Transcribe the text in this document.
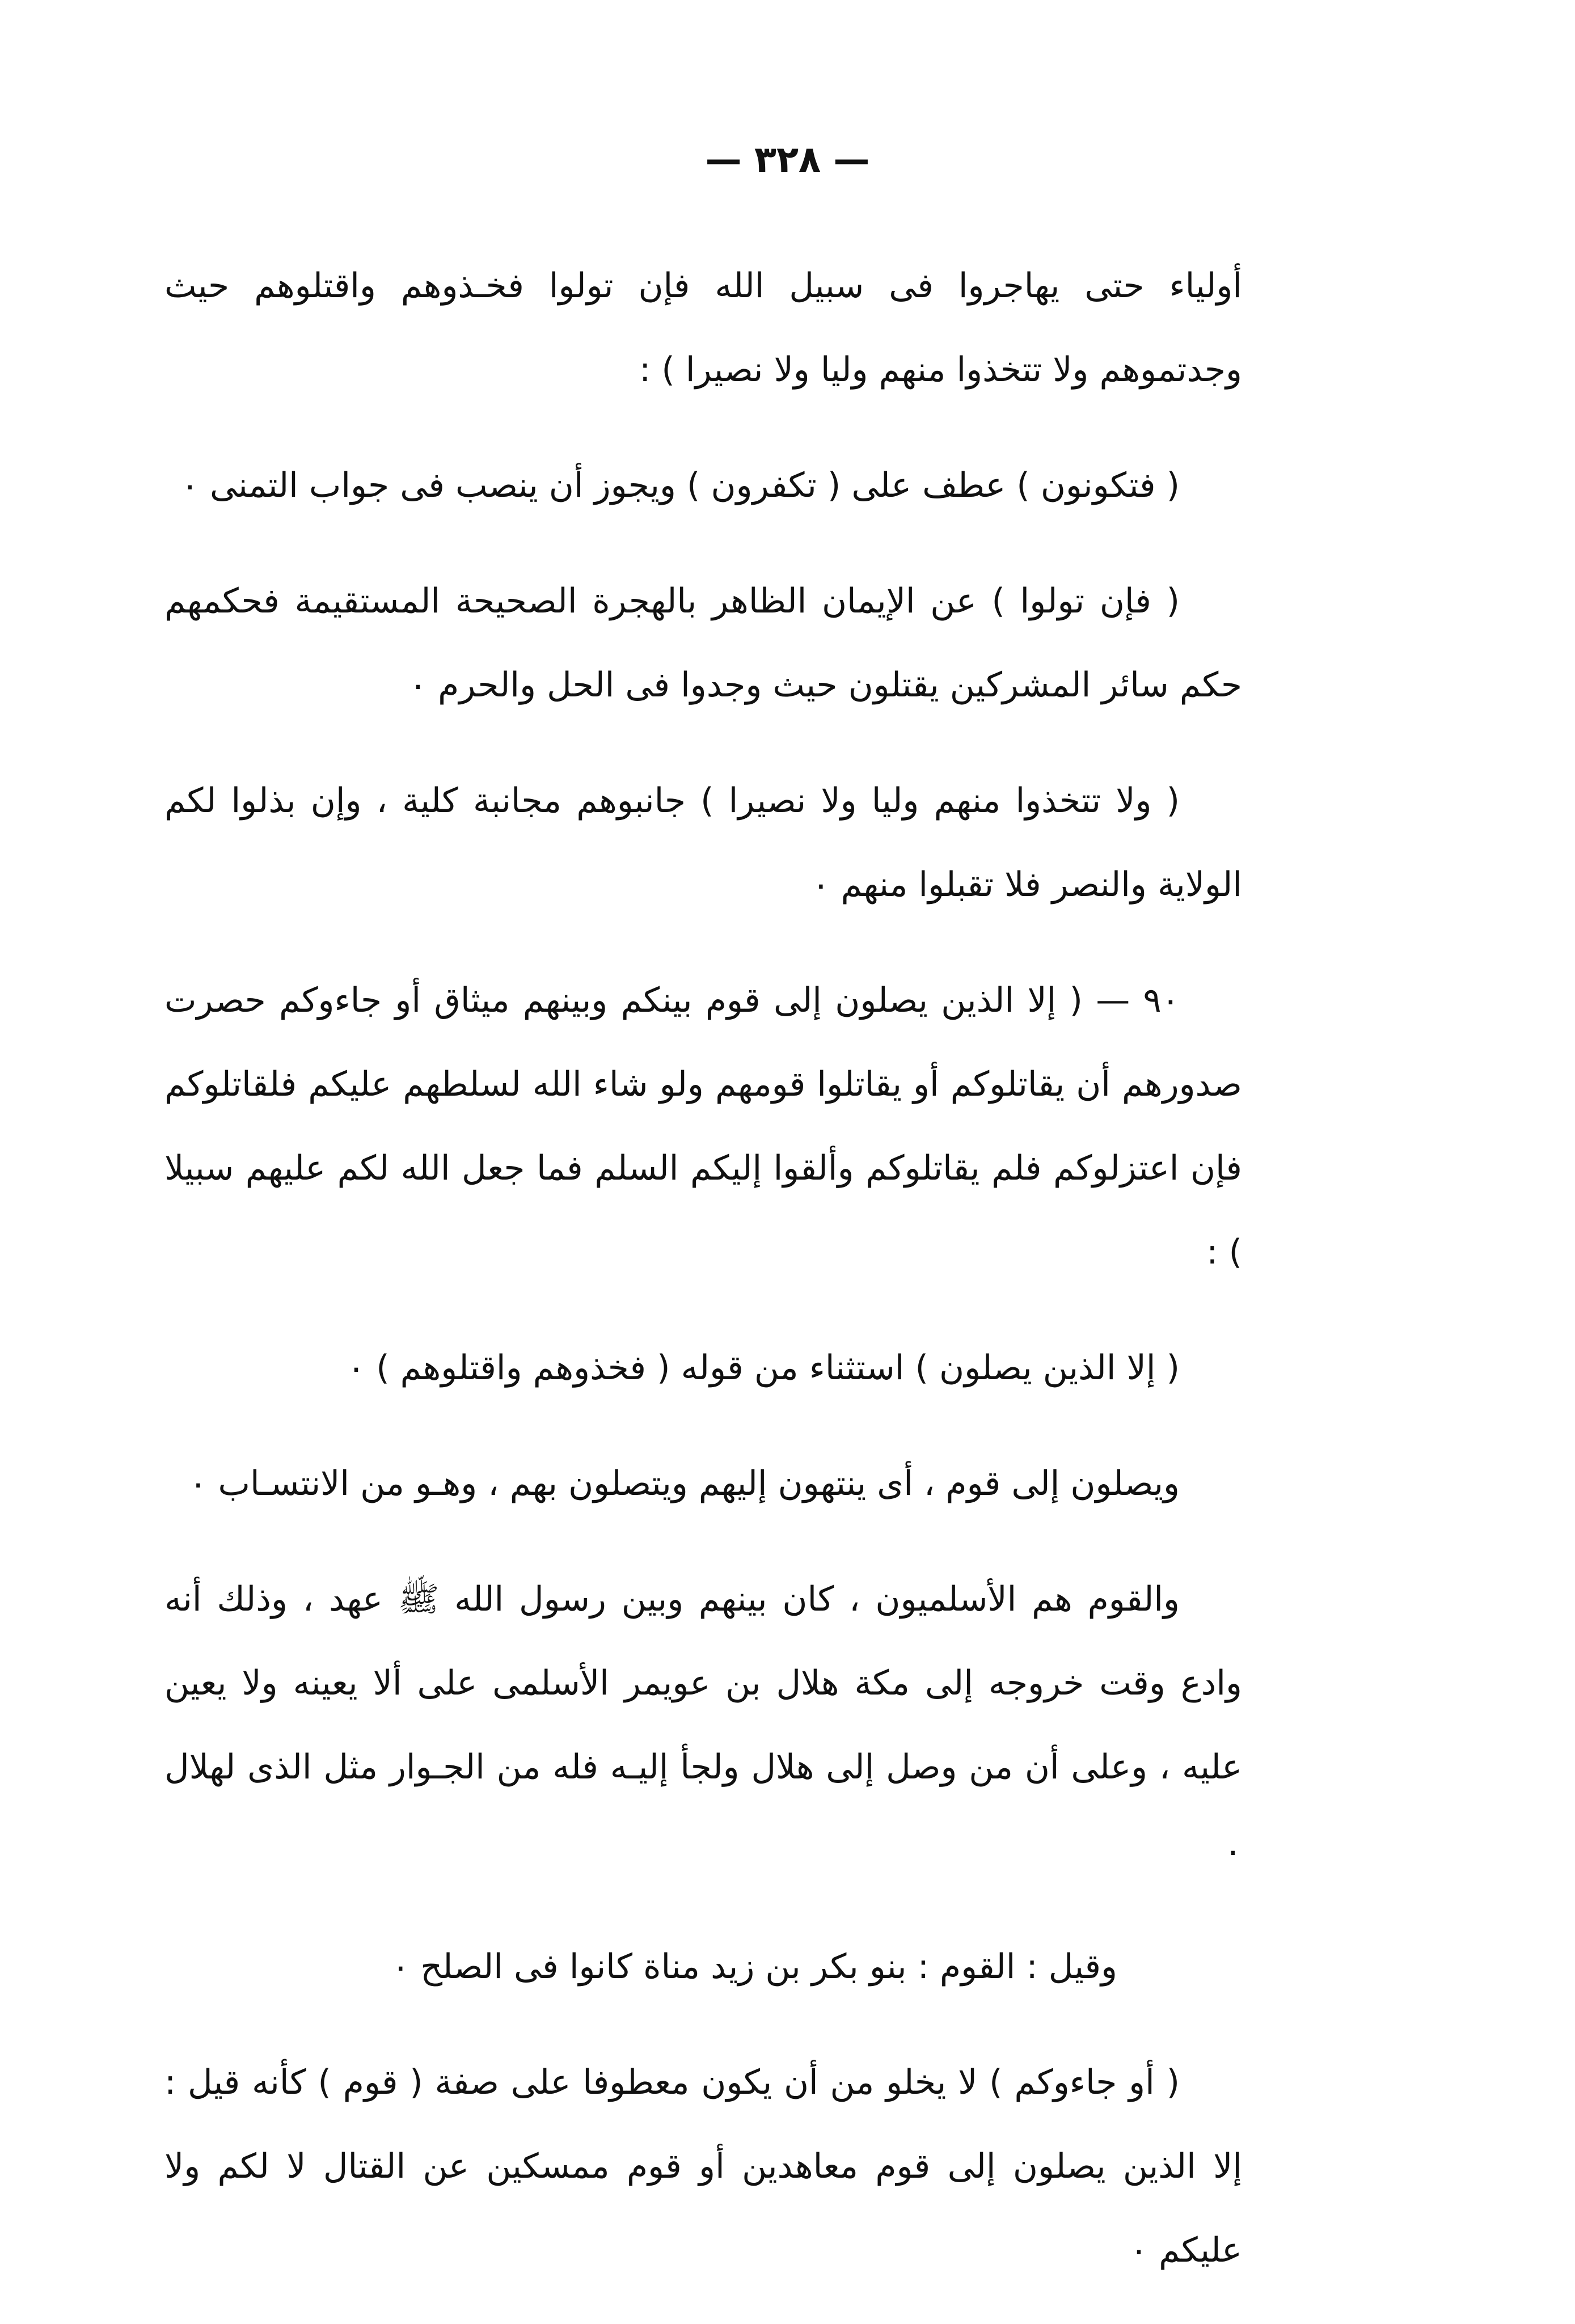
— ٣٢٨ —

أولياء حتى يهاجروا فى سبيل الله فإن تولوا فخـذوهم واقتلوهم حيث وجدتموهم ولا تتخذوا منهم وليا ولا نصيرا ) :

( فتكونون ) عطف على ( تكفرون ) ويجوز أن ينصب فى جواب التمنى ٠

( فإن تولوا ) عن الإيمان الظاهر بالهجرة الصحيحة المستقيمة فحكمهم حكم سائر المشركين يقتلون حيث وجدوا فى الحل والحرم ٠

( ولا تتخذوا منهم وليا ولا نصيرا ) جانبوهم مجانبة كلية ، وإن بذلوا لكم الولاية والنصر فلا تقبلوا منهم ٠

٩٠ — ( إلا الذين يصلون إلى قوم بينكم وبينهم ميثاق أو جاءوكم حصرت صدورهم أن يقاتلوكم أو يقاتلوا قومهم ولو شاء الله لسلطهم عليكم فلقاتلوكم فإن اعتزلوكم فلم يقاتلوكم وألقوا إليكم السلم فما جعل الله لكم عليهم سبيلا ) :

( إلا الذين يصلون ) استثناء من قوله ( فخذوهم واقتلوهم ) ٠

ويصلون إلى قوم ، أى ينتهون إليهم ويتصلون بهم ، وهـو من الانتسـاب ٠

والقوم هم الأسلميون ، كان بينهم وبين رسول الله ﷺ عهد ، وذلك أنه وادع وقت خروجه إلى مكة هلال بن عويمر الأسلمى على ألا يعينه ولا يعين عليه ، وعلى أن من وصل إلى هلال ولجأ إليـه فله من الجـوار مثل الذى لهلال ٠

وقيل : القوم : بنو بكر بن زيد مناة كانوا فى الصلح ٠

( أو جاءوكم ) لا يخلو من أن يكون معطوفا على صفة ( قوم ) كأنه قيل : إلا الذين يصلون إلى قوم معاهدين أو قوم ممسكين عن القتال لا لكم ولا عليكم ٠
